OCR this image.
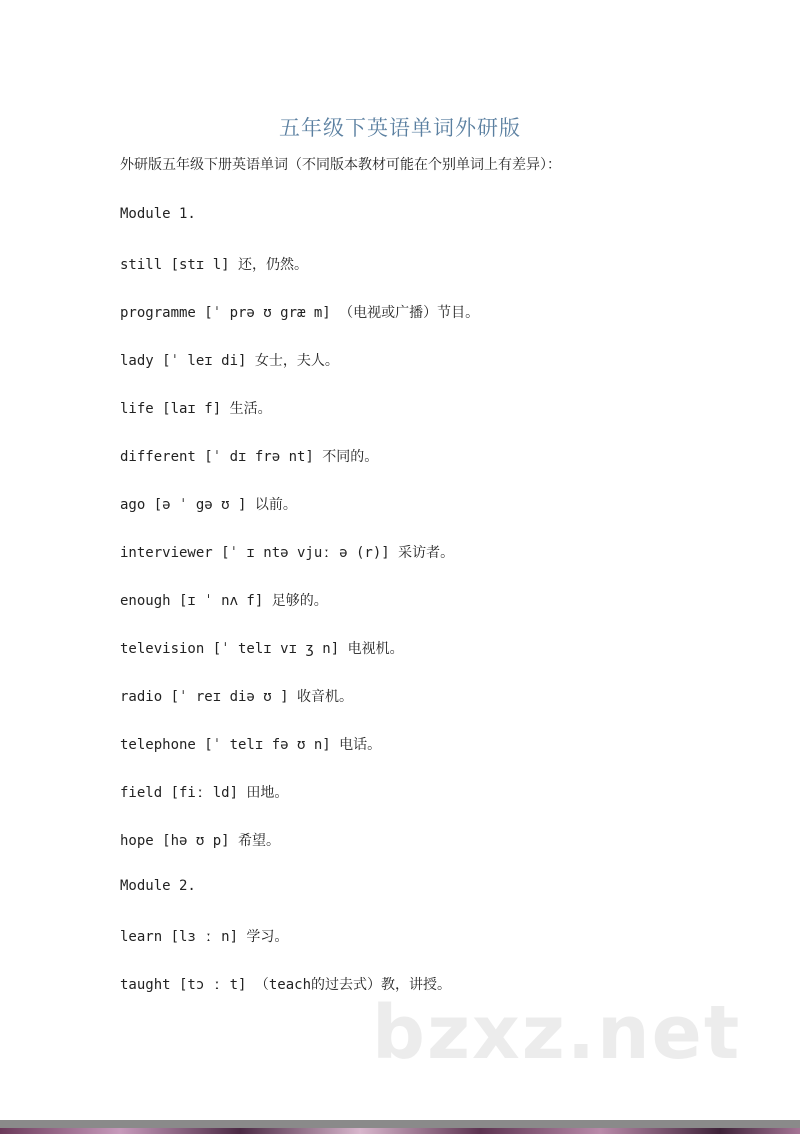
五年级下英语单词外研版
外研版五年级下册英语单词（不同版本教材可能在个别单词上有差异）：
Module 1.
still [stɪ l] 还，仍然。
programme [ˈ prə ʊ græ m] （电视或广播）节目。
lady [ˈ leɪ di] 女士，夫人。
life [laɪ f] 生活。
different [ˈ dɪ frə nt] 不同的。
ago [ə ˈ gə ʊ ] 以前。
interviewer [ˈ ɪ ntə vjuː ǝ (r)] 采访者。
enough [ɪ ˈ nʌ f] 足够的。
television [ˈ telɪ vɪ ʒ n] 电视机。
radio [ˈ reɪ diə ʊ ] 收音机。
telephone [ˈ telɪ fə ʊ n] 电话。
field [fiː ld] 田地。
hope [hə ʊ p] 希望。
Module 2.
learn [lɜ ː n] 学习。
taught [tɔ ː t] （teach的过去式）教，讲授。
bzxz.net
